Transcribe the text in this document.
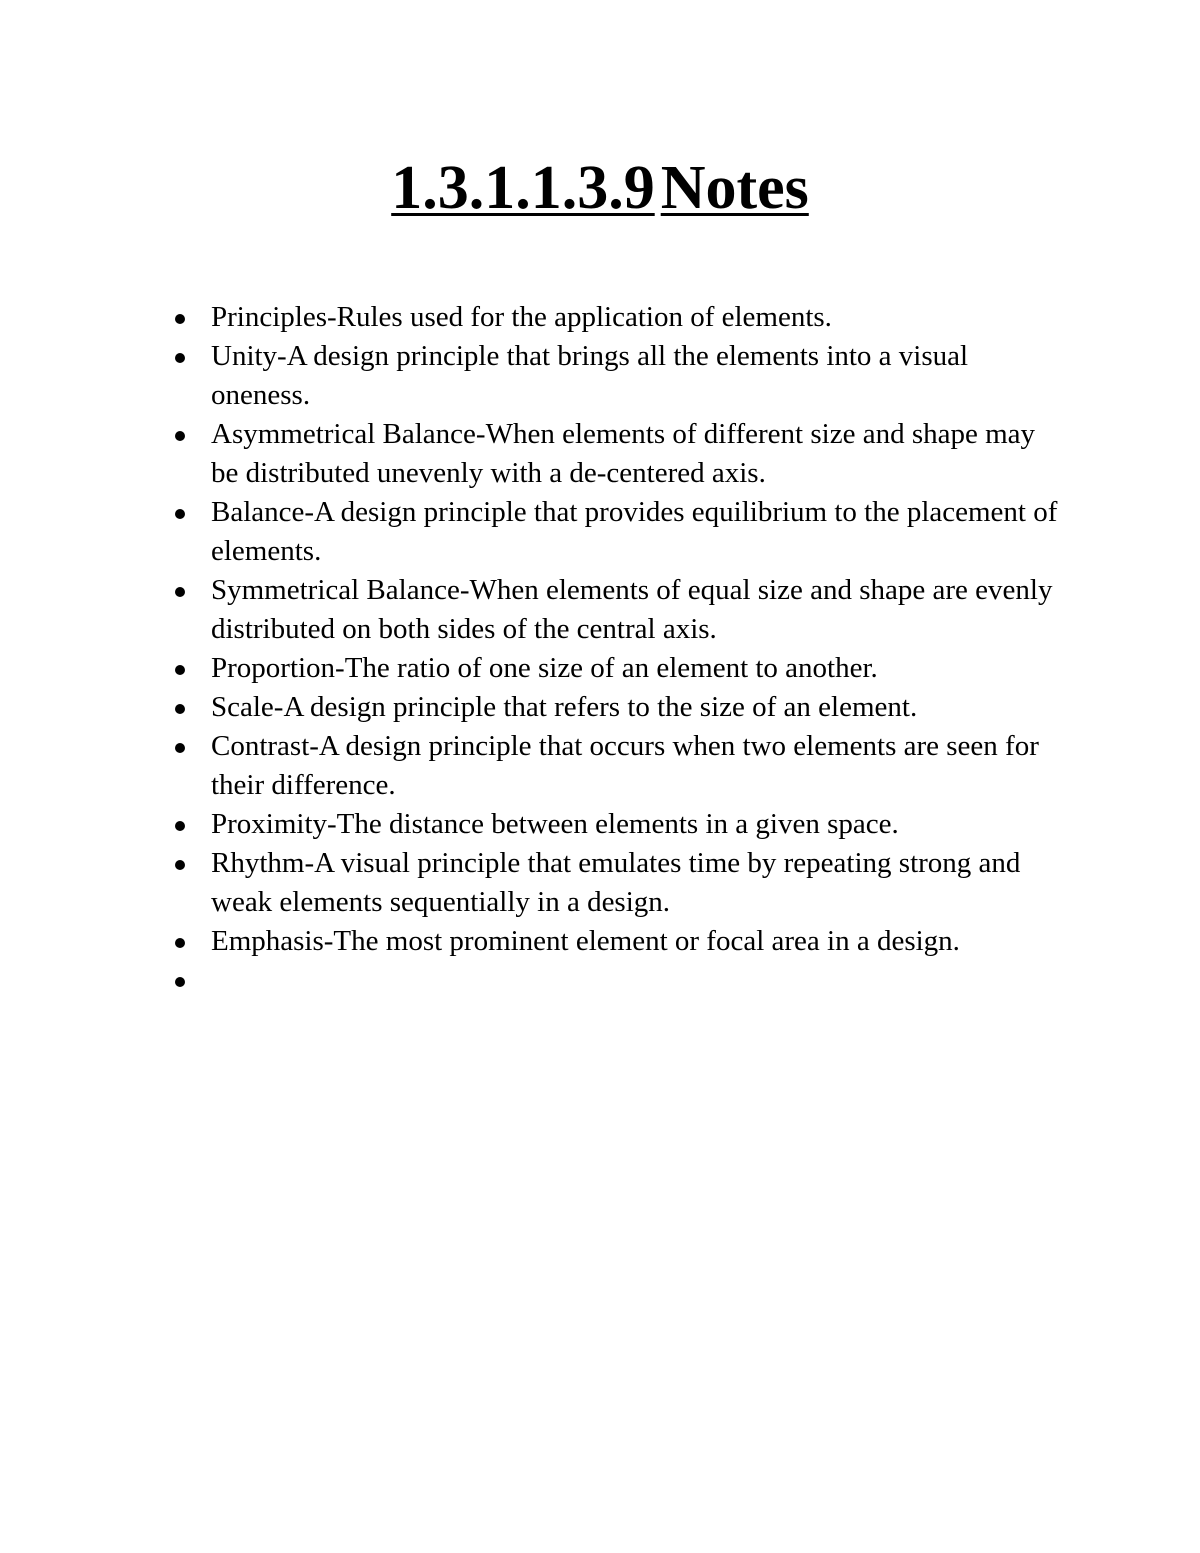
1.3.1.1.3.9Notes
Principles-Rules used for the application of elements.
Unity-A design principle that brings all the elements into a visual oneness.
Asymmetrical Balance-When elements of different size and shape may be distributed unevenly with a de-centered axis.
Balance-A design principle that provides equilibrium to the placement of elements.
Symmetrical Balance-When elements of equal size and shape are evenly distributed on both sides of the central axis.
Proportion-The ratio of one size of an element to another.
Scale-A design principle that refers to the size of an element.
Contrast-A design principle that occurs when two elements are seen for their difference.
Proximity-The distance between elements in a given space.
Rhythm-A visual principle that emulates time by repeating strong and weak elements sequentially in a design.
Emphasis-The most prominent element or focal area in a design.
